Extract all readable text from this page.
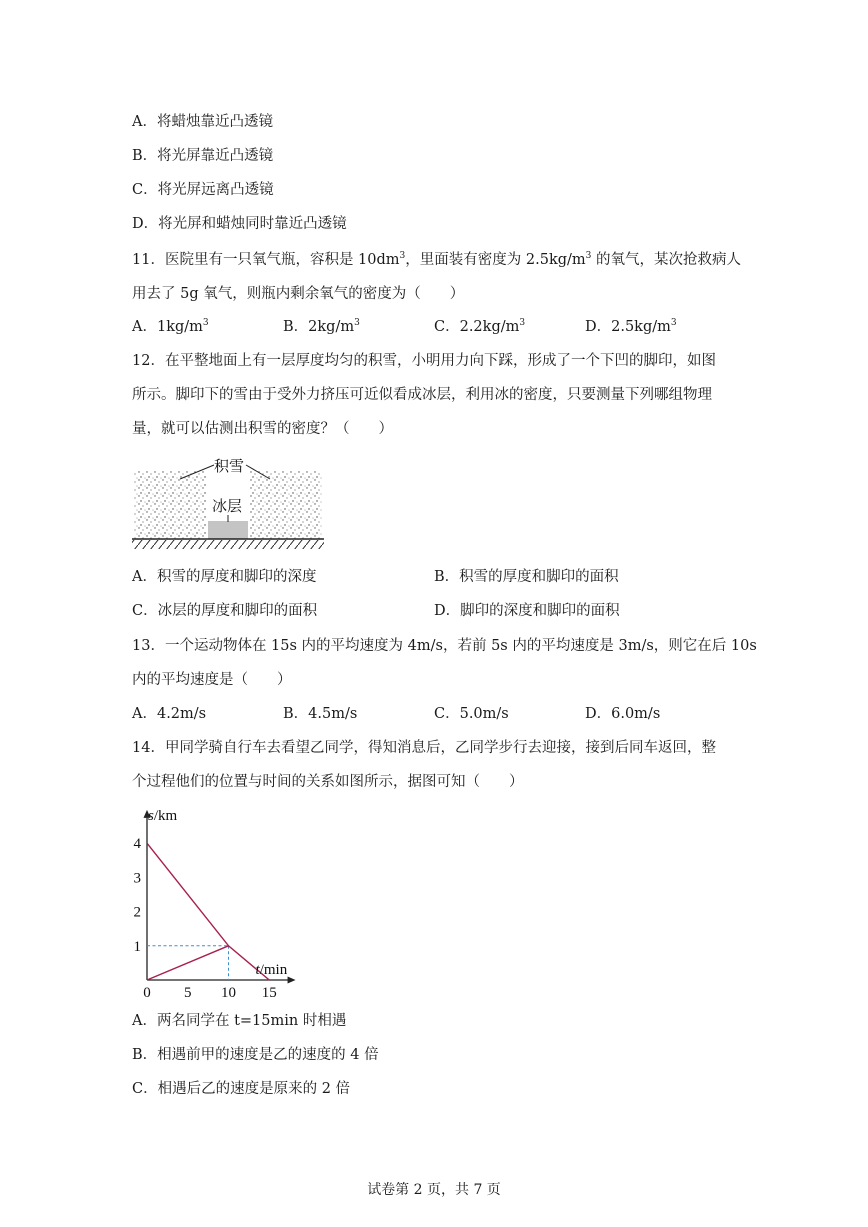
A．将蜡烛靠近凸透镜
B．将光屏靠近凸透镜
C．将光屏远离凸透镜
D．将光屏和蜡烛同时靠近凸透镜
11．医院里有一只氧气瓶，容积是 $10dm^3$，里面装有密度为 $2.5kg/m^3$ 的氧气，某次抢救病人
用去了 5g 氧气，则瓶内剩余氧气的密度为（　　）
A．$1kg/m^3$	B．$2kg/m^3$	C．$2.2kg/m^3$	D．$2.5kg/m^3$
12．在平整地面上有一层厚度均匀的积雪，小明用力向下踩，形成了一个下凹的脚印，如图
所示。脚印下的雪由于受外力挤压可近似看成冰层，利用冰的密度，只要测量下列哪组物理
量，就可以估测出积雪的密度？（　　）
积雪
冰层
A．积雪的厚度和脚印的深度	B．积雪的厚度和脚印的面积
C．冰层的厚度和脚印的面积	D．脚印的深度和脚印的面积
13．一个运动物体在 15s 内的平均速度为 4m/s，若前 5s 内的平均速度是 3m/s，则它在后 10s
内的平均速度是（　　）
A．4.2m/s	B．4.5m/s	C．5.0m/s	D．6.0m/s
14．甲同学骑自行车去看望乙同学，得知消息后，乙同学步行去迎接，接到后同车返回，整
个过程他们的位置与时间的关系如图所示，据图可知（　　）
0 5 10 15
1
2
3
4
s/km
t/min
A．两名同学在 t=15min 时相遇
B．相遇前甲的速度是乙的速度的 4 倍
C．相遇后乙的速度是原来的 2 倍
试卷第 2 页，共 7 页
